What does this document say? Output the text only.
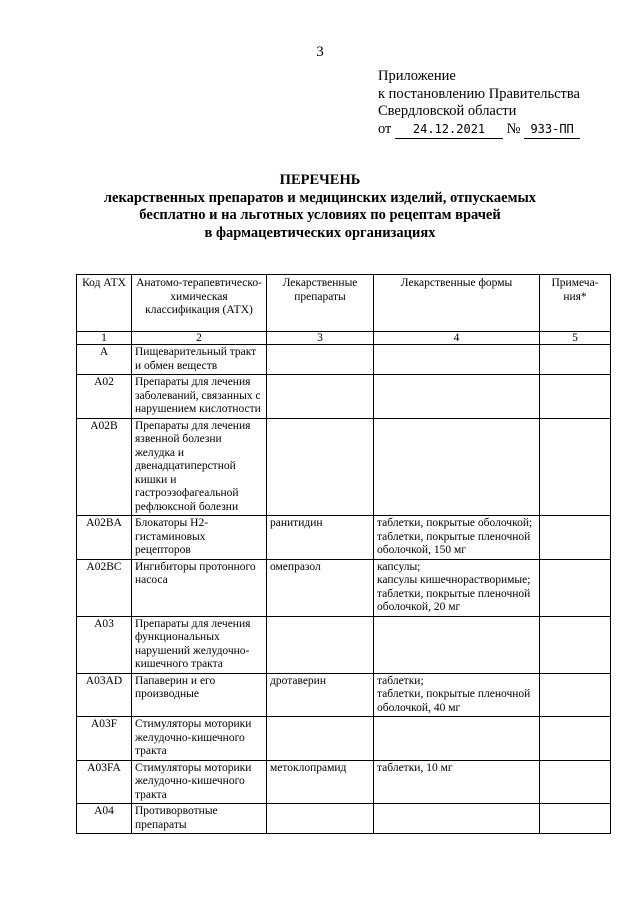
3
Приложение
к постановлению Правительства
Свердловской области
от 24.12.2021 № 933-ПП
ПЕРЕЧЕНЬ
лекарственных препаратов и медицинских изделий, отпускаемых
бесплатно и на льготных условиях по рецептам врачей
в фармацевтических организациях
Код АТХ	Анатомо-терапевтическо-химическая классификация (АТХ)	Лекарственные препараты	Лекарственные формы	Примеча-ния*
1	2	3	4	5
A	Пищеварительный тракт и обмен веществ			
A02	Препараты для лечения заболеваний, связанных с нарушением кислотности			
A02B	Препараты для лечения язвенной болезни желудка и двенадцатиперстной кишки и гастроэзофагеальной рефлюксной болезни			
A02BA	Блокаторы H2-гистаминовых рецепторов	ранитидин	таблетки, покрытые оболочкой;
таблетки, покрытые пленочной оболочкой, 150 мг	

A02BC	Ингибиторы протонного насоса	омепразол	капсулы;
капсулы кишечнорастворимые;
таблетки, покрытые пленочной оболочкой, 20 мг	

A03	Препараты для лечения функциональных нарушений желудочно-кишечного тракта			
A03AD	Папаверин и его производные	дротаверин	таблетки;
таблетки, покрытые пленочной оболочкой, 40 мг	

A03F	Стимуляторы моторики желудочно-кишечного тракта			
A03FA	Стимуляторы моторики желудочно-кишечного тракта	метоклопрамид	таблетки, 10 мг	

A04	Противорвотные препараты			
